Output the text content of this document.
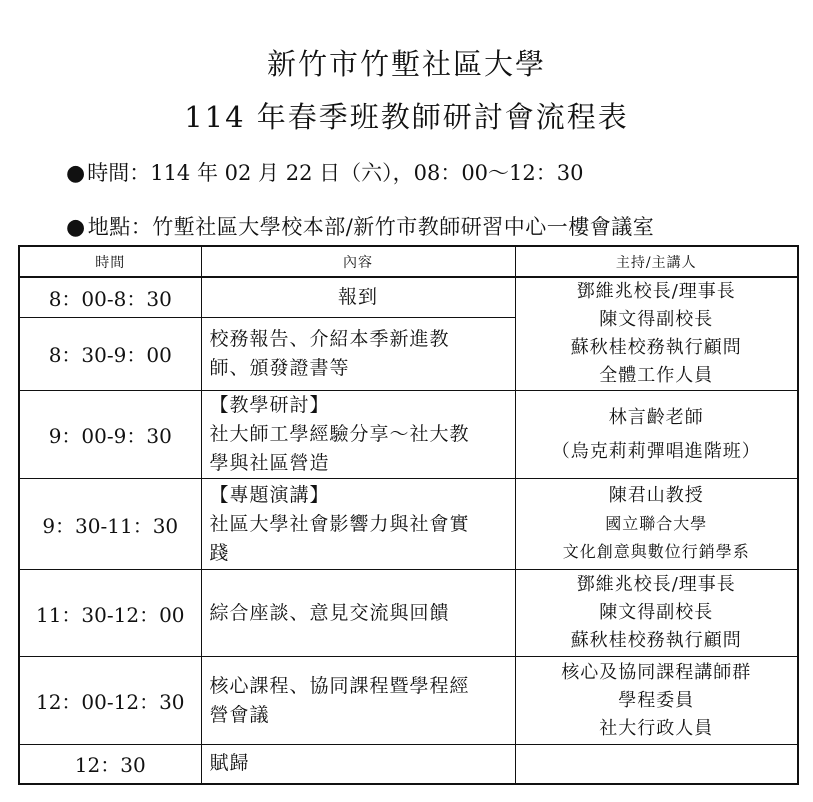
新竹市竹塹社區大學
114 年春季班教師研討會流程表

●時間：114 年 02 月 22 日（六），08：00～12：30

●地點：竹塹社區大學校本部/新竹市教師研習中心一樓會議室

時間	內容	主持/主講人
8：00-8：30	報到	鄧維兆校長/理事長
陳文得副校長
蘇秋桂校務執行顧問
全體工作人員

8：30-9：00	校務報告、介紹本季新進教
師、頒發證書等	

9：00-9：30	【教學研討】
社大師工學經驗分享～社大教
學與社區營造	林言齡老師
（烏克莉莉彈唱進階班）

9：30-11：30	【專題演講】
社區大學社會影響力與社會實
踐	陳君山教授
國立聯合大學
文化創意與數位行銷學系

11：30-12：00	綜合座談、意見交流與回饋	鄧維兆校長/理事長
陳文得副校長
蘇秋桂校務執行顧問

12：00-12：30	核心課程、協同課程暨學程經
營會議	核心及協同課程講師群
學程委員
社大行政人員

12：30	賦歸	
